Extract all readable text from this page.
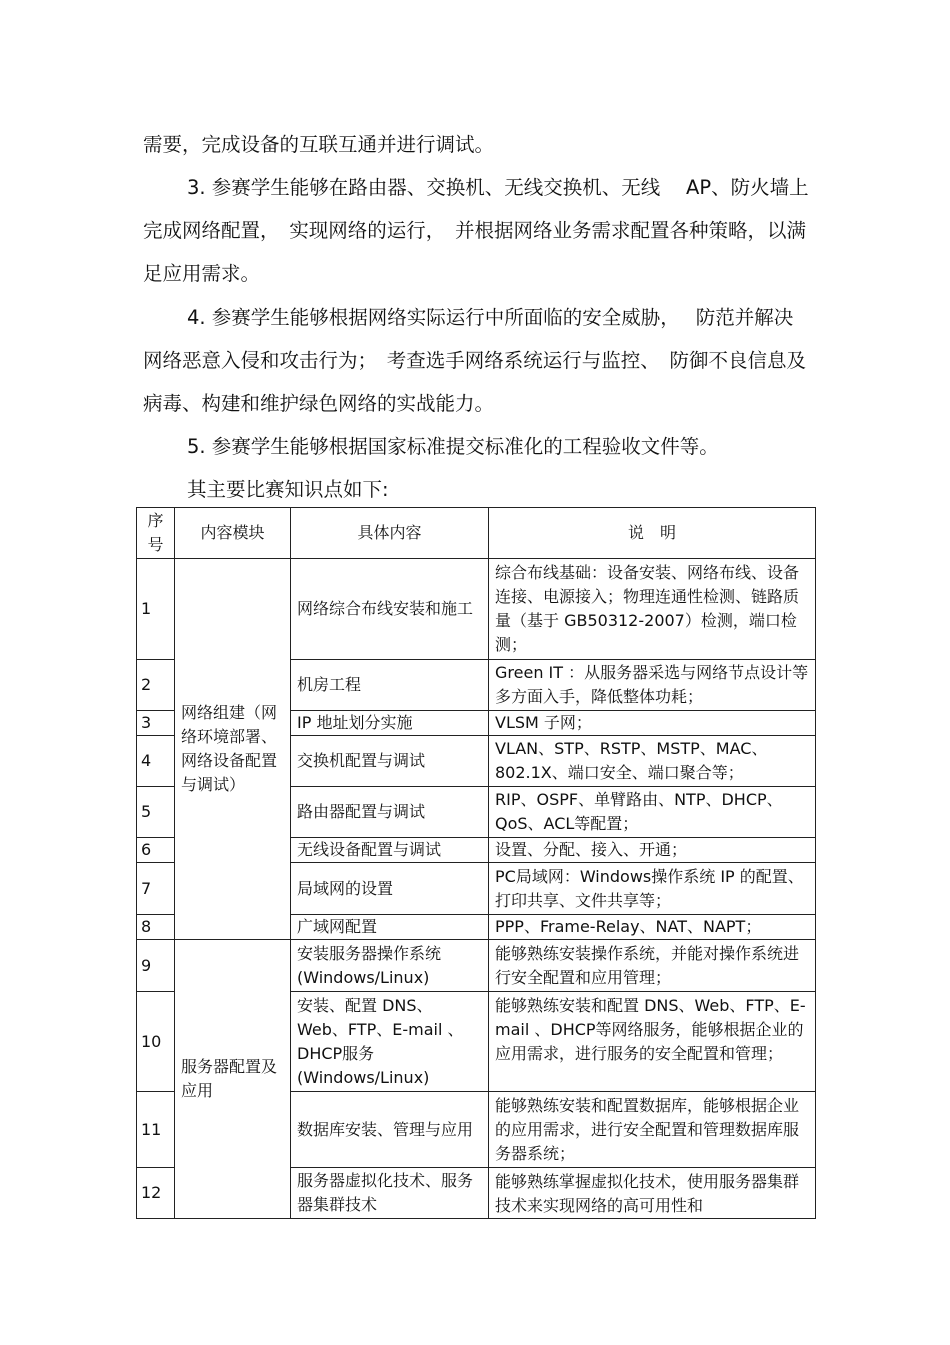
需要，完成设备的互联互通并进行调试。

3. 参赛学生能够在路由器、交换机、无线交换机、无线　 AP、防火墙上完成网络配置，　实现网络的运行，　并根据网络业务需求配置各种策略，以满足应用需求。

4. 参赛学生能够根据网络实际运行中所面临的安全威胁，　 防范并解决网络恶意入侵和攻击行为；　考查选手网络系统运行与监控、　防御不良信息及病毒、构建和维护绿色网络的实战能力。

5. 参赛学生能够根据国家标准提交标准化的工程验收文件等。

其主要比赛知识点如下:

序号	内容模块	具体内容	说　明
1	网络组建（网络环境部署、网络设备配置与调试）	网络综合布线安装和施工	综合布线基础：设备安装、网络布线、设备连接、电源接入；物理连通性检测、链路质量（基于 GB50312-2007）检测，端口检测；
2		机房工程	Green IT ：从服务器采选与网络节点设计等多方面入手，降低整体功耗；
3		IP 地址划分实施	VLSM 子网；
4		交换机配置与调试	VLAN、STP、RSTP、MSTP、MAC、802.1X、端口安全、端口聚合等；
5		路由器配置与调试	RIP、OSPF、单臂路由、NTP、DHCP、QoS、ACL等配置；
6		无线设备配置与调试	设置、分配、接入、开通；
7		局域网的设置	PC局域网：Windows操作系统 IP 的配置、打印共享、文件共享等；
8		广域网配置	PPP、Frame-Relay、NAT、NAPT；
9	服务器配置及应用	安装服务器操作系统(Windows/Linux)	能够熟练安装操作系统，并能对操作系统进行安全配置和应用管理；
10		安装、配置 DNS、Web、FTP、E-mail 、DHCP服务(Windows/Linux)	能够熟练安装和配置 DNS、Web、FTP、E-mail 、DHCP等网络服务，能够根据企业的应用需求，进行服务的安全配置和管理；
11		数据库安装、管理与应用	能够熟练安装和配置数据库，能够根据企业的应用需求，进行安全配置和管理数据库服务器系统；
12		服务器虚拟化技术、服务器集群技术	能够熟练掌握虚拟化技术，使用服务器集群技术来实现网络的高可用性和
